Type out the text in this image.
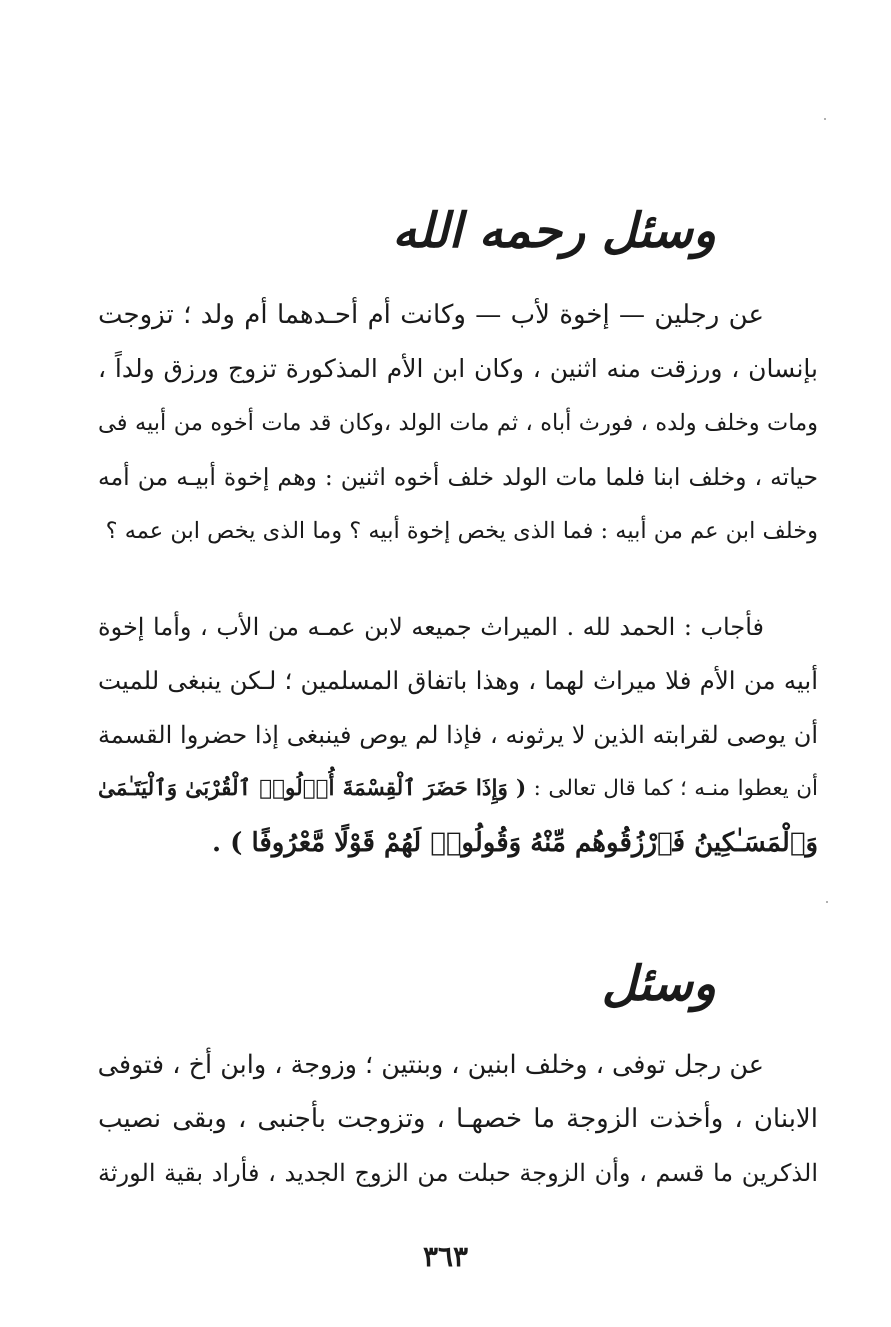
وسئل رحمه الله
عن رجلين — إخوة لأب — وكانت أم أحـدهما أم ولد ؛ تزوجت
بإنسان ، ورزقت منه اثنين ، وكان ابن الأم المذكورة تزوج ورزق ولداً ،
ومات وخلف ولده ، فورث أباه ، ثم مات الولد ،وكان قد مات أخوه من أبيه فى
حياته ، وخلف ابنا فلما مات الولد خلف أخوه اثنين : وهم إخوة أبيـه من أمه
وخلف ابن عم من أبيه : فما الذى يخص إخوة أبيه ؟ وما الذى يخص ابن عمه ؟
فأجاب : الحمد لله . الميراث جميعه لابن عمـه من الأب ، وأما إخوة
أبيه من الأم فلا ميراث لهما ، وهذا باتفاق المسلمين ؛ لـكن ينبغى للميت
أن يوصى لقرابته الذين لا يرثونه ، فإذا لم يوص فينبغى إذا حضروا القسمة
أن يعطوا منـه ؛ كما قال تعالى : ( وَإِذَا حَضَرَ ٱلْقِسْمَةَ أُو۟لُوا۟ ٱلْقُرْبَىٰ وَٱلْيَتَـٰمَىٰ
وَٱلْمَسَـٰكِينُ فَٱرْزُقُوهُم مِّنْهُ وَقُولُوا۟ لَهُمْ قَوْلًا مَّعْرُوفًا ) .
وسئل
عن رجل توفى ، وخلف ابنين ، وبنتين ؛ وزوجة ، وابن أخ ، فتوفى
الابنان ، وأخذت الزوجة ما خصهـا ، وتزوجت بأجنبى ، وبقى نصيب
الذكرين ما قسم ، وأن الزوجة حبلت من الزوج الجديد ، فأراد بقية الورثة
٣٦٣
